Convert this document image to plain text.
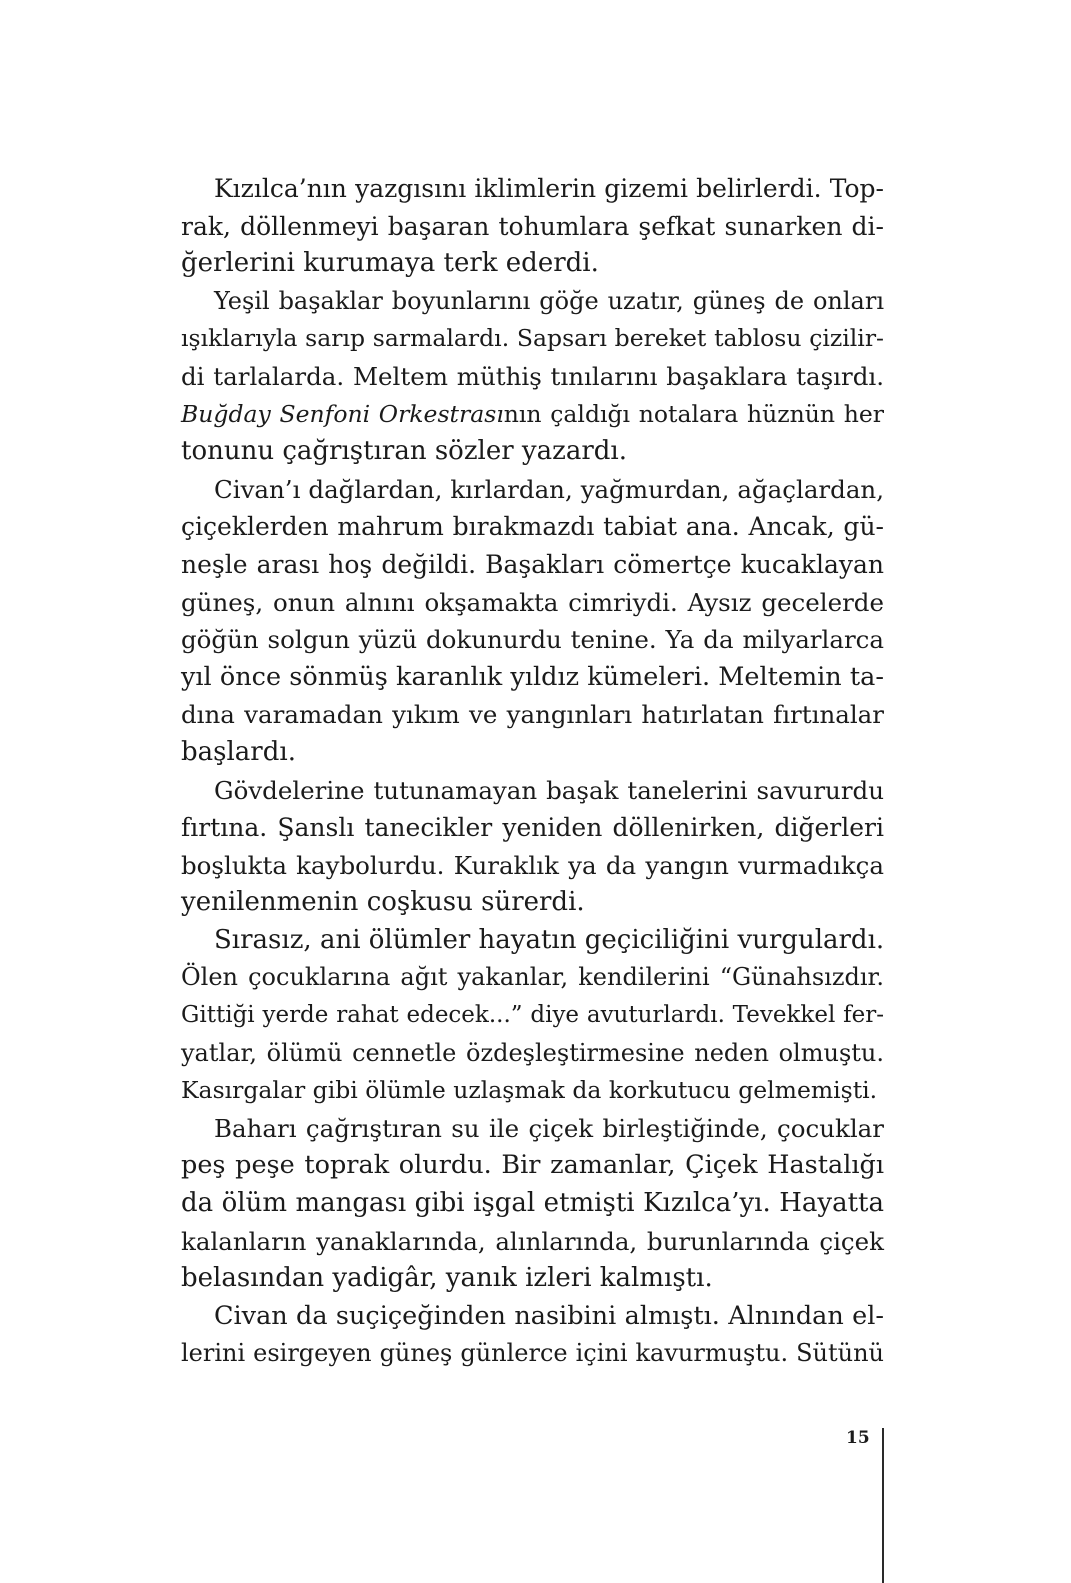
Kızılca’nın yazgısını iklimlerin gizemi belirlerdi. Top-
rak, döllenmeyi başaran tohumlara şefkat sunarken di-
ğerlerini kurumaya terk ederdi.
Yeşil başaklar boyunlarını göğe uzatır, güneş de onları
ışıklarıyla sarıp sarmalardı. Sapsarı bereket tablosu çizilir-
di tarlalarda. Meltem müthiş tınılarını başaklara taşırdı.
Buğday Senfoni Orkestrasının çaldığı notalara hüznün her
tonunu çağrıştıran sözler yazardı.
Civan’ı dağlardan, kırlardan, yağmurdan, ağaçlardan,
çiçeklerden mahrum bırakmazdı tabiat ana. Ancak, gü-
neşle arası hoş değildi. Başakları cömertçe kucaklayan
güneş, onun alnını okşamakta cimriydi. Aysız gecelerde
göğün solgun yüzü dokunurdu tenine. Ya da milyarlarca
yıl önce sönmüş karanlık yıldız kümeleri. Meltemin ta-
dına varamadan yıkım ve yangınları hatırlatan fırtınalar
başlardı.
Gövdelerine tutunamayan başak tanelerini savururdu
fırtına. Şanslı tanecikler yeniden döllenirken, diğerleri
boşlukta kaybolurdu. Kuraklık ya da yangın vurmadıkça
yenilenmenin coşkusu sürerdi.
Sırasız, ani ölümler hayatın geçiciliğini vurgulardı.
Ölen çocuklarına ağıt yakanlar, kendilerini “Günahsızdır.
Gittiği yerde rahat edecek...” diye avuturlardı. Tevekkel fer-
yatlar, ölümü cennetle özdeşleştirmesine neden olmuştu.
Kasırgalar gibi ölümle uzlaşmak da korkutucu gelmemişti.
Baharı çağrıştıran su ile çiçek birleştiğinde, çocuklar
peş peşe toprak olurdu. Bir zamanlar, Çiçek Hastalığı
da ölüm mangası gibi işgal etmişti Kızılca’yı. Hayatta
kalanların yanaklarında, alınlarında, burunlarında çiçek
belasından yadigâr, yanık izleri kalmıştı.
Civan da suçiçeğinden nasibini almıştı. Alnından el-
lerini esirgeyen güneş günlerce içini kavurmuştu. Sütünü
15
